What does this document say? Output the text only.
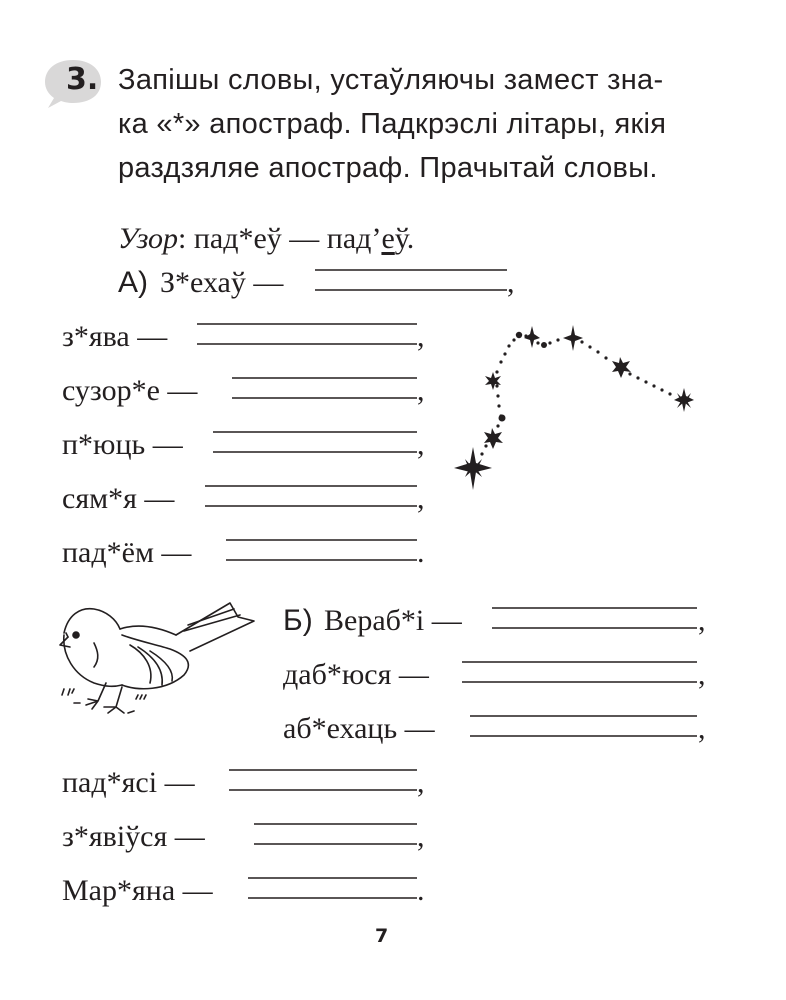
3. Запішы словы, устаўляючы замест зна-
ка «*» апостраф. Падкрэслі літары, якія
раздзяляе апостраф. Прачытай словы.
Узор: пад*еў — пад’еў.
А) З*ехаў —	,
з*ява —	,
сузор*е —	,
п*юць —	,
сям*я —	,
пад*ём —	.
Б) Вераб*і —	,
даб*юся —	,
аб*ехаць —	,
пад*ясі —	,
з*явіўся —	,
Мар*яна —	.
7
